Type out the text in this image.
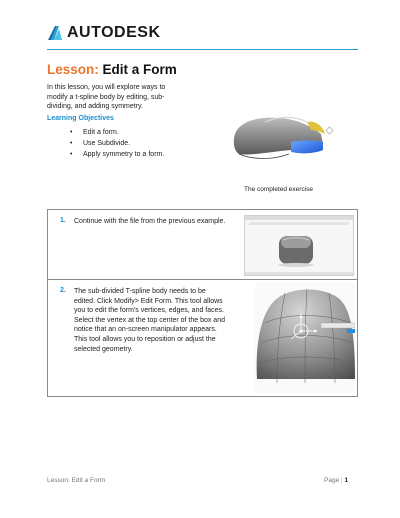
AUTODESK
Lesson: Edit a Form

In this lesson, you will explore ways to modify a t-spline body by editing, sub-dividing, and adding symmetry.

Learning Objectives
• Edit a form.
• Use Subdivide.
• Apply symmetry to a form.
The completed exercise
1. Continue with the file from the previous example.
2. The sub-divided T-spline body needs to be edited. Click Modify> Edit Form. This tool allows you to edit the form's vertices, edges, and faces. Select the vertex at the top center of the box and notice that an on-screen manipulator appears. This tool allows you to reposition or adjust the selected geometry.
Lesson: Edit a Form	Page | 1
